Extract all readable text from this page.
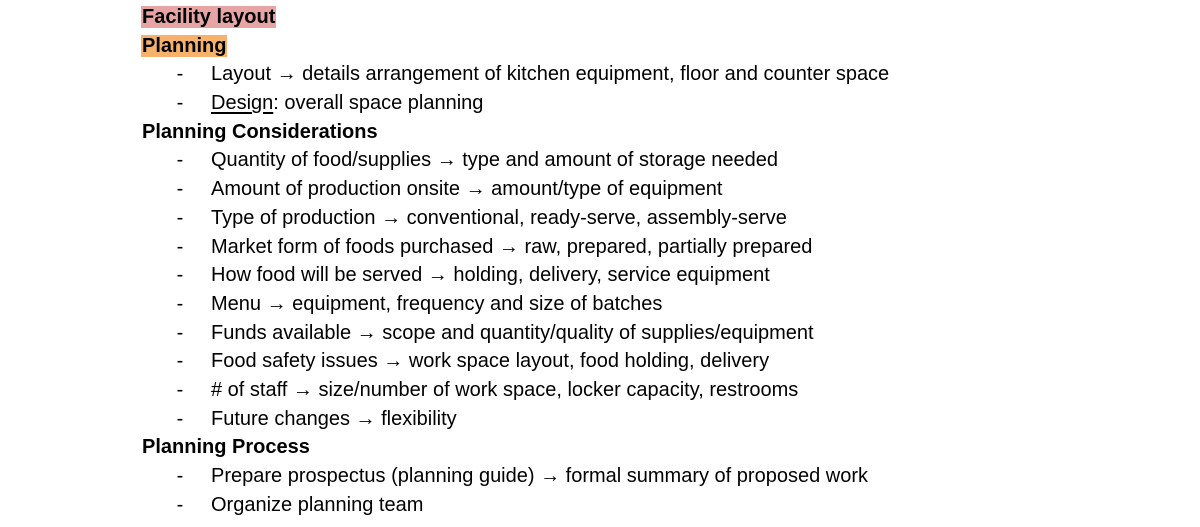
Facility layout
Planning
- Layout → details arrangement of kitchen equipment, floor and counter space
- Design: overall space planning
Planning Considerations
- Quantity of food/supplies → type and amount of storage needed
- Amount of production onsite → amount/type of equipment
- Type of production → conventional, ready-serve, assembly-serve
- Market form of foods purchased → raw, prepared, partially prepared
- How food will be served → holding, delivery, service equipment
- Menu → equipment, frequency and size of batches
- Funds available → scope and quantity/quality of supplies/equipment
- Food safety issues → work space layout, food holding, delivery
- # of staff → size/number of work space, locker capacity, restrooms
- Future changes → flexibility
Planning Process
- Prepare prospectus (planning guide) → formal summary of proposed work
- Organize planning team
